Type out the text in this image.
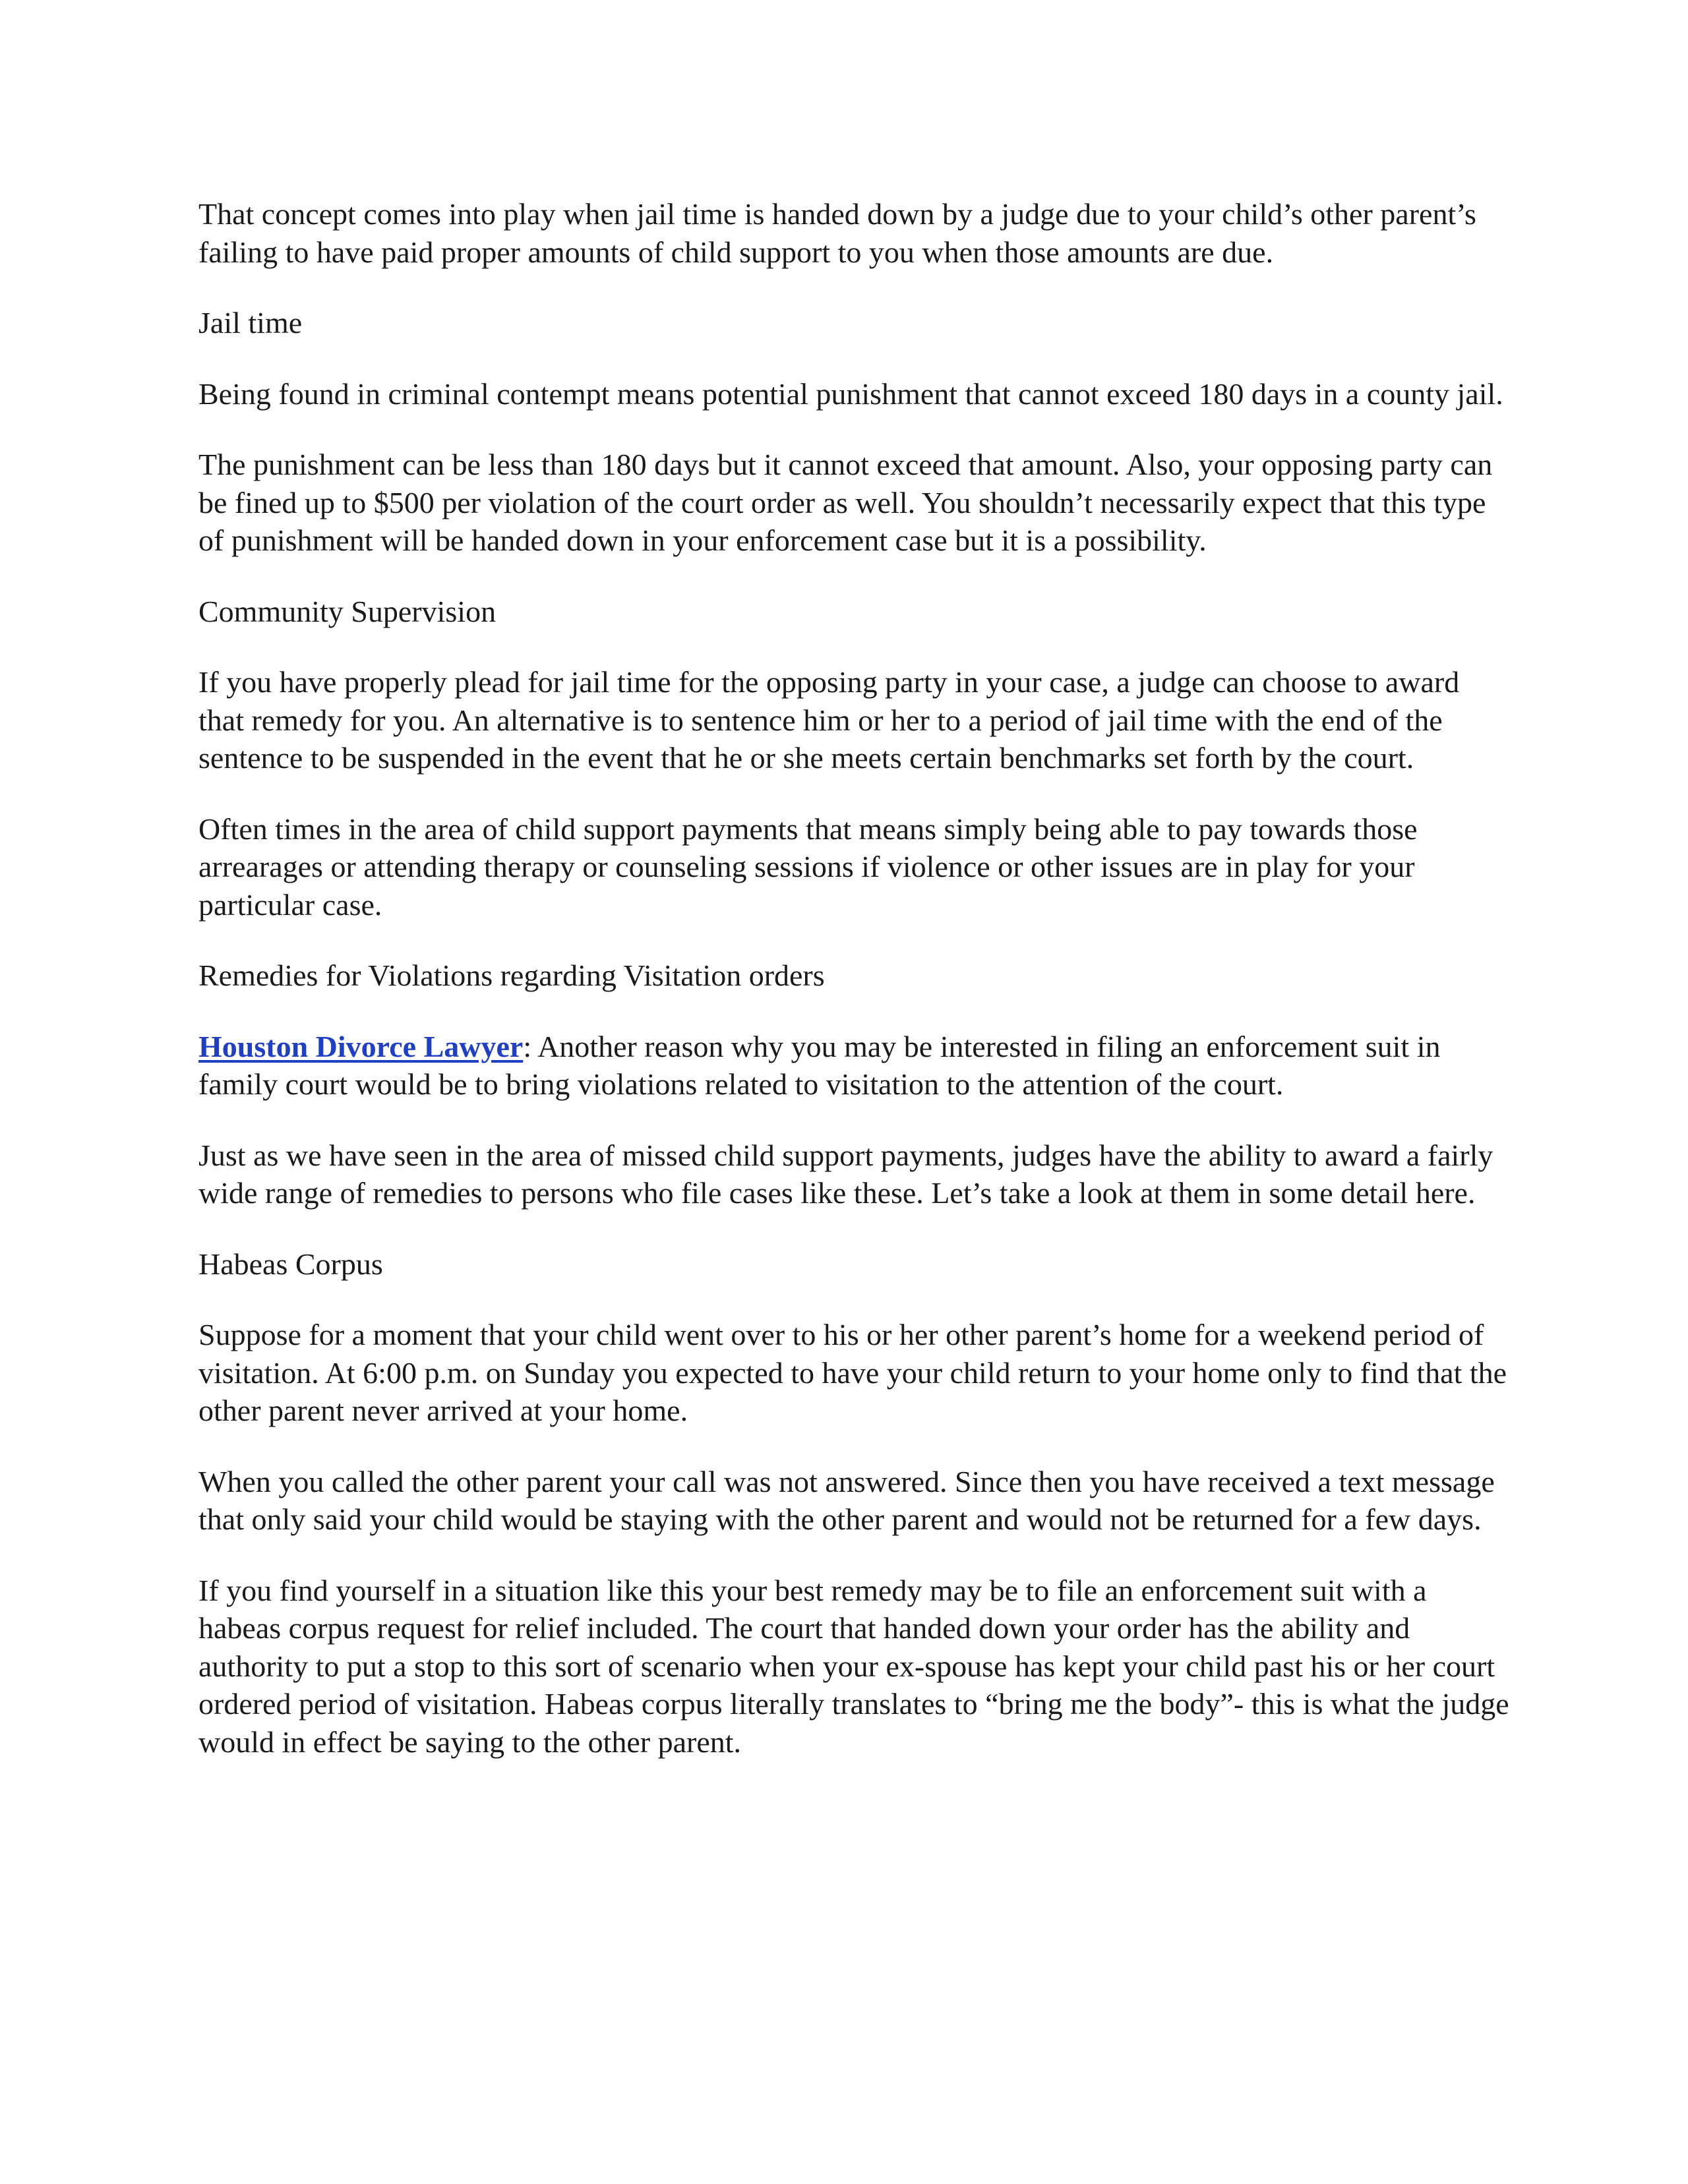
That concept comes into play when jail time is handed down by a judge due to your child’s other parent’s failing to have paid proper amounts of child support to you when those amounts are due.

Jail time

Being found in criminal contempt means potential punishment that cannot exceed 180 days in a county jail.

The punishment can be less than 180 days but it cannot exceed that amount. Also, your opposing party can be fined up to $500 per violation of the court order as well. You shouldn’t necessarily expect that this type of punishment will be handed down in your enforcement case but it is a possibility.

Community Supervision

If you have properly plead for jail time for the opposing party in your case, a judge can choose to award that remedy for you. An alternative is to sentence him or her to a period of jail time with the end of the sentence to be suspended in the event that he or she meets certain benchmarks set forth by the court.

Often times in the area of child support payments that means simply being able to pay towards those arrearages or attending therapy or counseling sessions if violence or other issues are in play for your particular case.

Remedies for Violations regarding Visitation orders

Houston Divorce Lawyer: Another reason why you may be interested in filing an enforcement suit in family court would be to bring violations related to visitation to the attention of the court.

Just as we have seen in the area of missed child support payments, judges have the ability to award a fairly wide range of remedies to persons who file cases like these. Let’s take a look at them in some detail here.

Habeas Corpus

Suppose for a moment that your child went over to his or her other parent’s home for a weekend period of visitation. At 6:00 p.m. on Sunday you expected to have your child return to your home only to find that the other parent never arrived at your home.

When you called the other parent your call was not answered. Since then you have received a text message that only said your child would be staying with the other parent and would not be returned for a few days.

If you find yourself in a situation like this your best remedy may be to file an enforcement suit with a habeas corpus request for relief included. The court that handed down your order has the ability and authority to put a stop to this sort of scenario when your ex-spouse has kept your child past his or her court ordered period of visitation. Habeas corpus literally translates to “bring me the body”- this is what the judge would in effect be saying to the other parent.
